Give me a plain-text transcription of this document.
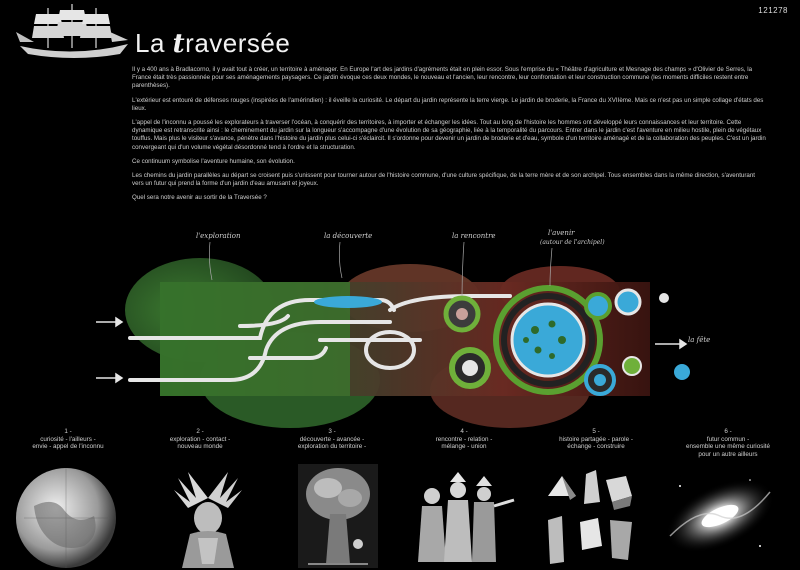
121278
La traversée

Il y a 400 ans à Bradlacorno, il y avait tout à créer, un territoire à aménager. En Europe l'art des jardins d'agréments était en plein essor. Sous l'emprise du « Théâtre d'agriculture et Mesnage des champs » d'Olivier de Serres, la France était très passionnée pour ses aménagements paysagers. Ce jardin évoque ces deux mondes, le nouveau et l'ancien, leur rencontre, leur confrontation et leur construction commune (les moments difficiles restent entre parenthèses).

L'extérieur est entouré de défenses rouges (inspirées de l'amérindien) : il éveille la curiosité. Le départ du jardin représente la terre vierge. Le jardin de broderie, la France du XVIIème. Mais ce n'est pas un simple collage d'états des lieux.

L'appel de l'inconnu a poussé les explorateurs à traverser l'océan, à conquérir des territoires, à importer et échanger les idées. Tout au long de l'histoire les hommes ont développé leurs connaissances et leur territoire. Cette dynamique est retranscrite ainsi : le cheminement du jardin sur la longueur s'accompagne d'une évolution de sa géographie, liée à la temporalité du parcours. Entrer dans le jardin c'est l'aventure en milieu hostile, plein de végétaux touffus. Mais plus le visiteur s'avance, pénètre dans l'histoire du jardin plus celui-ci s'éclaircit. Il s'ordonne pour devenir un jardin de broderie et d'eau, symbole d'un territoire aménagé et de la collaboration des peuples. C'est un jardin convergeant qui d'un volume végétal désordonné tend à l'ordre et la structuration.

Ce continuum symbolise l'aventure humaine, son évolution.

Les chemins du jardin parallèles au départ se croisent puis s'unissent pour tourner autour de l'histoire commune, d'une culture spécifique, de la terre mère et de son archipel. Tous ensembles dans la même direction, s'aventurant vers un futur qui prend la forme d'un jardin d'eau amusant et joyeux.

Quel sera notre avenir au sortir de la Traversée ?

l'exploration	la découverte	la rencontre	l'avenir
(autour de l'archipel)
la fête
1 -
curiosité - l'ailleurs -
envie - appel de l'inconnu
2 -
exploration - contact -
nouveau monde
3 -
découverte - avancée -
exploration du territoire -
4 -
rencontre - relation -
mélange - union
5 -
histoire partagée - parole -
échange - construire
6 -
futur commun -
ensemble une même curiosité
pour un autre ailleurs
